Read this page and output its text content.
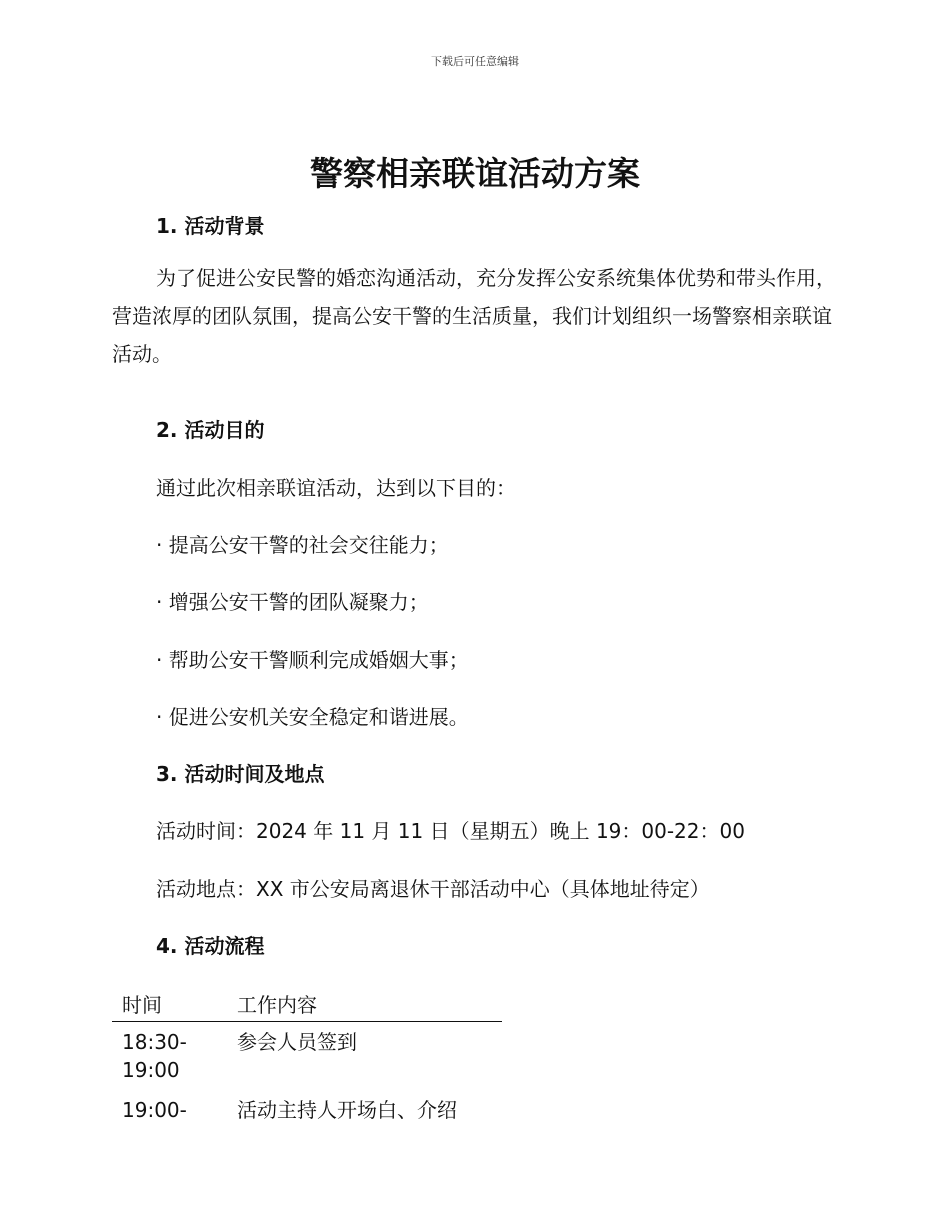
下载后可任意编辑
警察相亲联谊活动方案
1. 活动背景
为了促进公安民警的婚恋沟通活动，充分发挥公安系统集体优势和带头作用，营造浓厚的团队氛围，提高公安干警的生活质量，我们计划组织一场警察相亲联谊活动。
2. 活动目的
通过此次相亲联谊活动，达到以下目的：
· 提高公安干警的社会交往能力；
· 增强公安干警的团队凝聚力；
· 帮助公安干警顺利完成婚姻大事；
· 促进公安机关安全稳定和谐进展。
3. 活动时间及地点
活动时间：2024 年 11 月 11 日（星期五）晚上 19：00-22：00
活动地点：XX 市公安局离退休干部活动中心（具体地址待定）
4. 活动流程
时间	工作内容
18:30-19:00	参会人员签到
19:00-	活动主持人开场白、介绍
